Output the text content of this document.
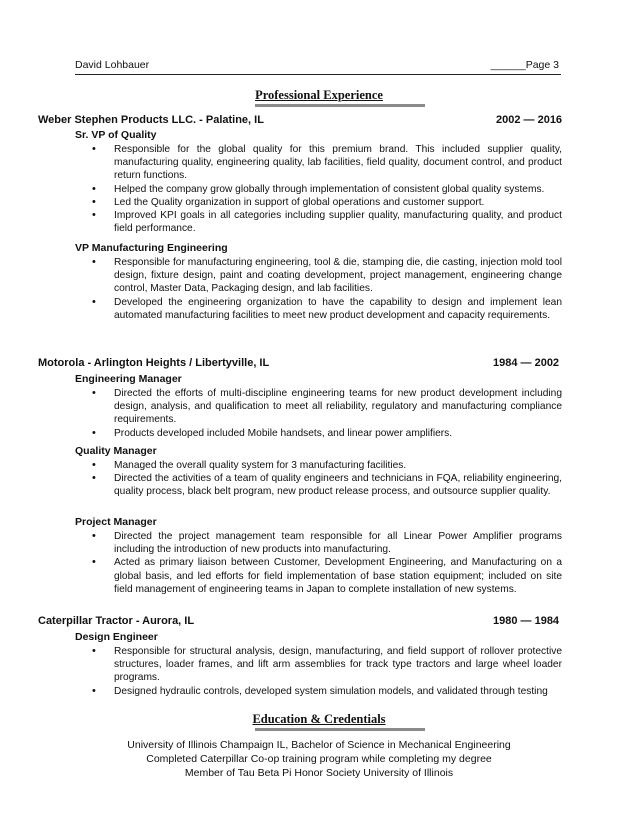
David Lohbauer	______Page 3
Professional Experience
Weber Stephen Products LLC. - Palatine, IL	2002 — 2016
Sr. VP of Quality
• Responsible for the global quality for this premium brand. This included supplier quality, manufacturing quality, engineering quality, lab facilities, field quality, document control, and product return functions.
• Helped the company grow globally through implementation of consistent global quality systems.
• Led the Quality organization in support of global operations and customer support.
• Improved KPI goals in all categories including supplier quality, manufacturing quality, and product field performance.
VP Manufacturing Engineering
• Responsible for manufacturing engineering, tool & die, stamping die, die casting, injection mold tool design, fixture design, paint and coating development, project management, engineering change control, Master Data, Packaging design, and lab facilities.
• Developed the engineering organization to have the capability to design and implement lean automated manufacturing facilities to meet new product development and capacity requirements.
Motorola - Arlington Heights / Libertyville, IL	1984 — 2002
Engineering Manager
• Directed the efforts of multi-discipline engineering teams for new product development including design, analysis, and qualification to meet all reliability, regulatory and manufacturing compliance requirements.
• Products developed included Mobile handsets, and linear power amplifiers.
Quality Manager
• Managed the overall quality system for 3 manufacturing facilities.
• Directed the activities of a team of quality engineers and technicians in FQA, reliability engineering, quality process, black belt program, new product release process, and outsource supplier quality.
Project Manager
• Directed the project management team responsible for all Linear Power Amplifier programs including the introduction of new products into manufacturing.
• Acted as primary liaison between Customer, Development Engineering, and Manufacturing on a global basis, and led efforts for field implementation of base station equipment; included on site field management of engineering teams in Japan to complete installation of new systems.
Caterpillar Tractor - Aurora, IL	1980 — 1984
Design Engineer
• Responsible for structural analysis, design, manufacturing, and field support of rollover protective structures, loader frames, and lift arm assemblies for track type tractors and large wheel loader programs.
• Designed hydraulic controls, developed system simulation models, and validated through testing
Education & Credentials
University of Illinois Champaign IL, Bachelor of Science in Mechanical Engineering
Completed Caterpillar Co-op training program while completing my degree
Member of Tau Beta Pi Honor Society University of Illinois
